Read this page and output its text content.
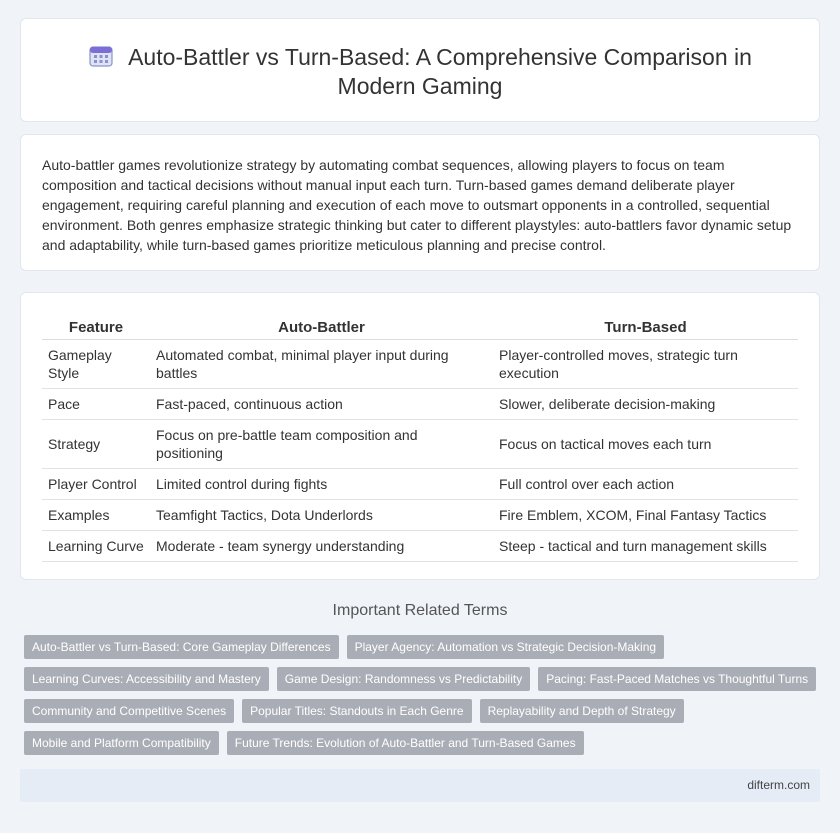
Auto-Battler vs Turn-Based: A Comprehensive Comparison in Modern Gaming

Auto-battler games revolutionize strategy by automating combat sequences, allowing players to focus on team composition and tactical decisions without manual input each turn. Turn-based games demand deliberate player engagement, requiring careful planning and execution of each move to outsmart opponents in a controlled, sequential environment. Both genres emphasize strategic thinking but cater to different playstyles: auto-battlers favor dynamic setup and adaptability, while turn-based games prioritize meticulous planning and precise control.

Feature	Auto-Battler	Turn-Based
Gameplay Style	Automated combat, minimal player input during battles	Player-controlled moves, strategic turn execution
Pace	Fast-paced, continuous action	Slower, deliberate decision-making
Strategy	Focus on pre-battle team composition and positioning	Focus on tactical moves each turn
Player Control	Limited control during fights	Full control over each action
Examples	Teamfight Tactics, Dota Underlords	Fire Emblem, XCOM, Final Fantasy Tactics
Learning Curve	Moderate - team synergy understanding	Steep - tactical and turn management skills
Important Related Terms
Auto-Battler vs Turn-Based: Core Gameplay Differences	Player Agency: Automation vs Strategic Decision-Making
Learning Curves: Accessibility and Mastery	Game Design: Randomness vs Predictability	Pacing: Fast-Paced Matches vs Thoughtful Turns
Community and Competitive Scenes	Popular Titles: Standouts in Each Genre	Replayability and Depth of Strategy
Mobile and Platform Compatibility	Future Trends: Evolution of Auto-Battler and Turn-Based Games
difterm.com
